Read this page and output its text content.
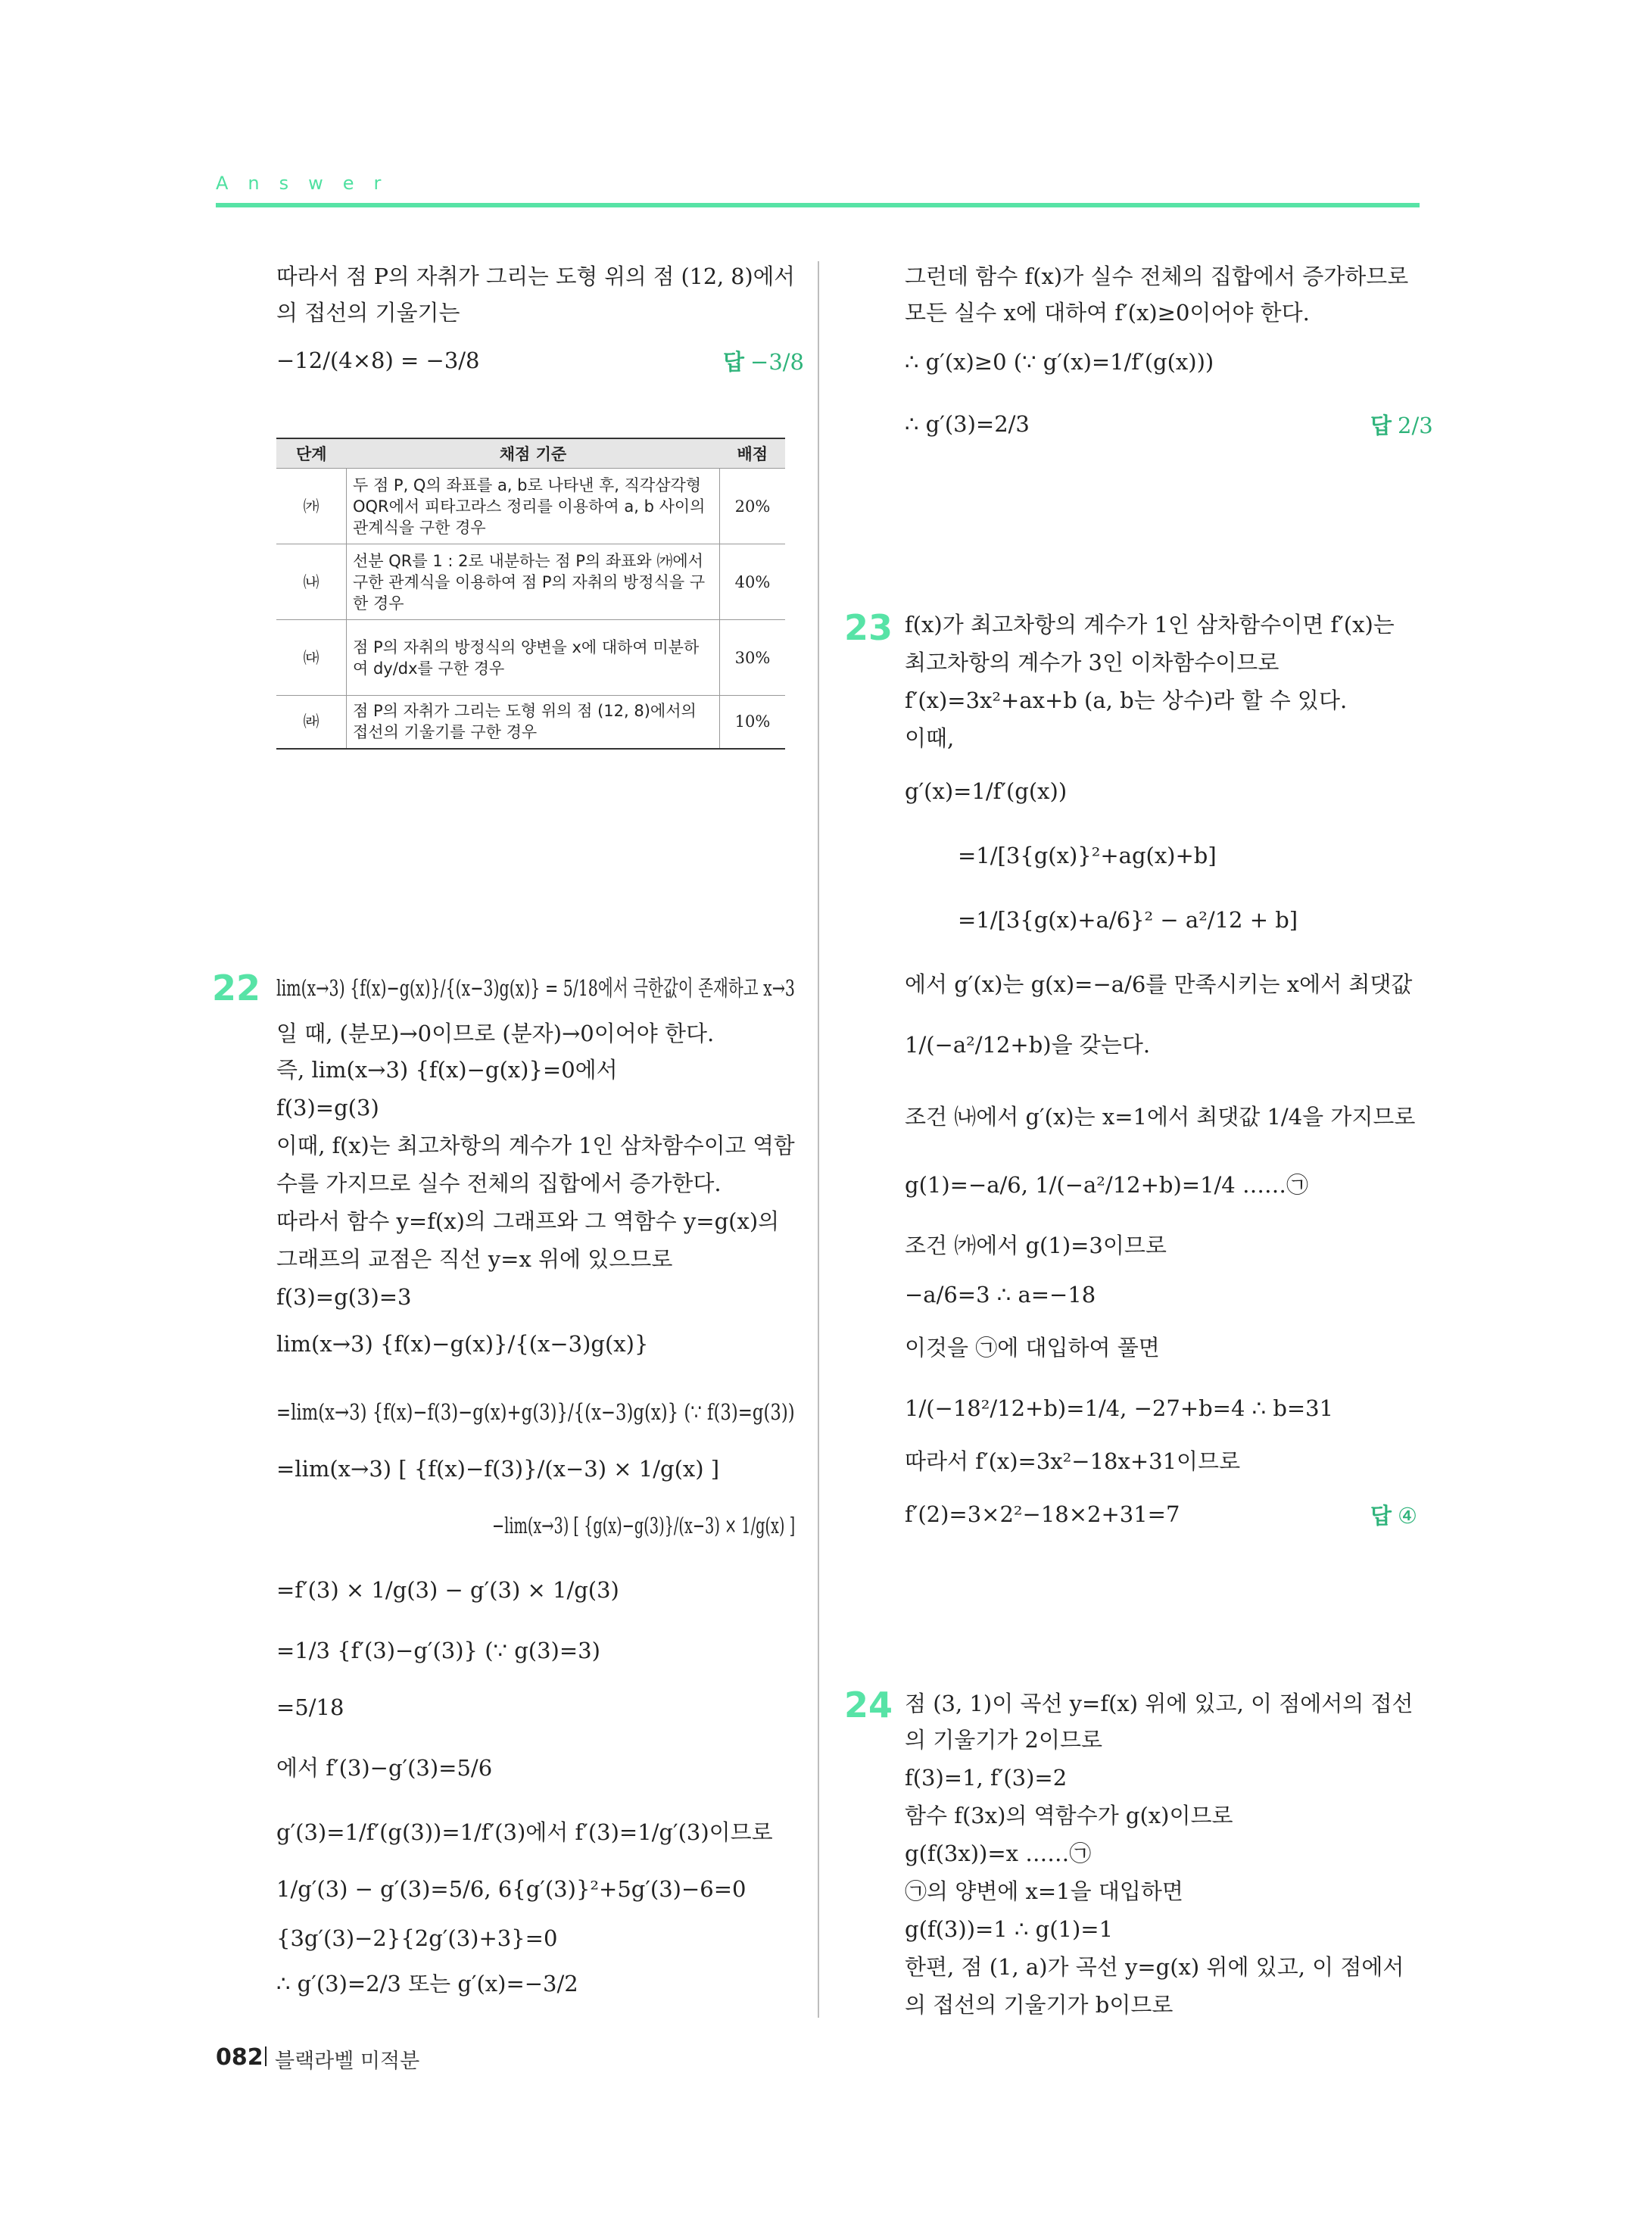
Answer
따라서 점 P의 자취가 그리는 도형 위의 점 (12, 8)에서
의 접선의 기울기는
−12/(4×8) = −3/8	답 −3/8
단계	채점 기준	배점
㈎	두 점 P, Q의 좌표를 a, b로 나타낸 후, 직각삼각형 OQR에서 피타고라스 정리를 이용하여 a, b 사이의 관계식을 구한 경우	20%
㈏	선분 QR를 1 : 2로 내분하는 점 P의 좌표와 ㈎에서 구한 관계식을 이용하여 점 P의 자취의 방정식을 구한 경우	40%
㈐	점 P의 자취의 방정식의 양변을 x에 대하여 미분하여 dy/dx를 구한 경우	30%
㈑	점 P의 자취가 그리는 도형 위의 점 (12, 8)에서의 접선의 기울기를 구한 경우	10%
22 lim(x→3) {f(x)−g(x)}/{(x−3)g(x)} = 5/18에서 극한값이 존재하고 x→3
일 때, (분모)→0이므로 (분자)→0이어야 한다.
즉, lim(x→3) {f(x)−g(x)}=0에서
f(3)=g(3)
이때, f(x)는 최고차항의 계수가 1인 삼차함수이고 역함
수를 가지므로 실수 전체의 집합에서 증가한다.
따라서 함수 y=f(x)의 그래프와 그 역함수 y=g(x)의
그래프의 교점은 직선 y=x 위에 있으므로
f(3)=g(3)=3
lim(x→3) {f(x)−g(x)}/{(x−3)g(x)}
=lim(x→3) {f(x)−f(3)−g(x)+g(3)}/{(x−3)g(x)} (∵ f(3)=g(3))
=lim(x→3) [ {f(x)−f(3)}/(x−3) × 1/g(x) ]
−lim(x→3) [ {g(x)−g(3)}/(x−3) × 1/g(x) ]
=f′(3) × 1/g(3) − g′(3) × 1/g(3)
=1/3 {f′(3)−g′(3)} (∵ g(3)=3)
=5/18
에서 f′(3)−g′(3)=5/6
g′(3)=1/f′(g(3))=1/f′(3)에서 f′(3)=1/g′(3)이므로
1/g′(3) − g′(3)=5/6, 6{g′(3)}²+5g′(3)−6=0
{3g′(3)−2}{2g′(3)+3}=0
∴ g′(3)=2/3 또는 g′(x)=−3/2
그런데 함수 f(x)가 실수 전체의 집합에서 증가하므로
모든 실수 x에 대하여 f′(x)≥0이어야 한다.
∴ g′(x)≥0 (∵ g′(x)=1/f′(g(x)))
∴ g′(3)=2/3	답 2/3
23 f(x)가 최고차항의 계수가 1인 삼차함수이면 f′(x)는
최고차항의 계수가 3인 이차함수이므로
f′(x)=3x²+ax+b (a, b는 상수)라 할 수 있다.
이때,
g′(x)=1/f′(g(x))
=1/[3{g(x)}²+ag(x)+b]
=1/[3{g(x)+a/6}² − a²/12 + b]
에서 g′(x)는 g(x)=−a/6를 만족시키는 x에서 최댓값
1/(−a²/12+b)을 갖는다.
조건 ㈏에서 g′(x)는 x=1에서 최댓값 1/4을 가지므로
g(1)=−a/6, 1/(−a²/12+b)=1/4 ……㉠
조건 ㈎에서 g(1)=3이므로
−a/6=3 ∴ a=−18
이것을 ㉠에 대입하여 풀면
1/(−18²/12+b)=1/4, −27+b=4 ∴ b=31
따라서 f′(x)=3x²−18x+31이므로
f′(2)=3×2²−18×2+31=7	답 ④
24 점 (3, 1)이 곡선 y=f(x) 위에 있고, 이 점에서의 접선
의 기울기가 2이므로
f(3)=1, f′(3)=2
함수 f(3x)의 역함수가 g(x)이므로
g(f(3x))=x ……㉠
㉠의 양변에 x=1을 대입하면
g(f(3))=1 ∴ g(1)=1
한편, 점 (1, a)가 곡선 y=g(x) 위에 있고, 이 점에서
의 접선의 기울기가 b이므로
082 블랙라벨 미적분
